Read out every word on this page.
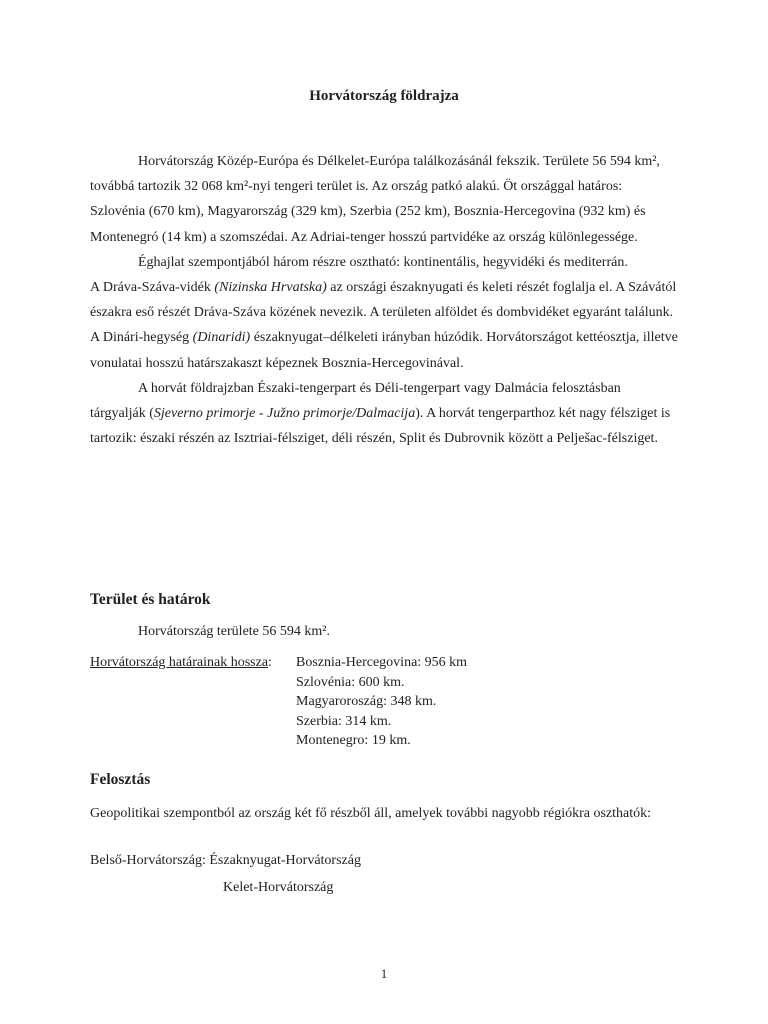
Horvátország földrajza

Horvátország Közép-Európa és Délkelet-Európa találkozásánál fekszik. Területe 56 594 km², továbbá tartozik 32 068 km²-nyi tengeri terület is. Az ország patkó alakú. Öt országgal határos: Szlovénia (670 km), Magyarország (329 km), Szerbia (252 km), Bosznia-Hercegovina (932 km) és Montenegró (14 km) a szomszédai. Az Adriai-tenger hosszú partvidéke az ország különlegessége.

Éghajlat szempontjából három részre osztható: kontinentális, hegyvidéki és mediterrán.

A Dráva-Száva-vidék (Nizinska Hrvatska) az országi északnyugati és keleti részét foglalja el. A Szávától északra eső részét Dráva-Száva közének nevezik. A területen alföldet és dombvidéket egyaránt találunk.

A Dinári-hegység (Dinaridi) északnyugat–délkeleti irányban húzódik. Horvátországot kettéosztja, illetve vonulatai hosszú határszakaszt képeznek Bosznia-Hercegovinával.

A horvát földrajzban Északi-tengerpart és Déli-tengerpart vagy Dalmácia felosztásban tárgyalják (Sjeverno primorje - Južno primorje/Dalmacija). A horvát tengerparthoz két nagy félsziget is tartozik: északi részén az Isztriai-félsziget, déli részén, Split és Dubrovnik között a Pelješac-félsziget.

Terület és határok
Horvátország területe 56 594 km².
Horvátország határainak hossza: Bosznia-Hercegovina: 956 km
Szlovénia: 600 km.
Magyaroroszág: 348 km.
Szerbia: 314 km.
Montenegro: 19 km.
Felosztás

Geopolitikai szempontból az ország két fő részből áll, amelyek további nagyobb régiókra oszthatók:

Belső-Horvátország: Északnyugat-Horvátország
Kelet-Horvátország
1
